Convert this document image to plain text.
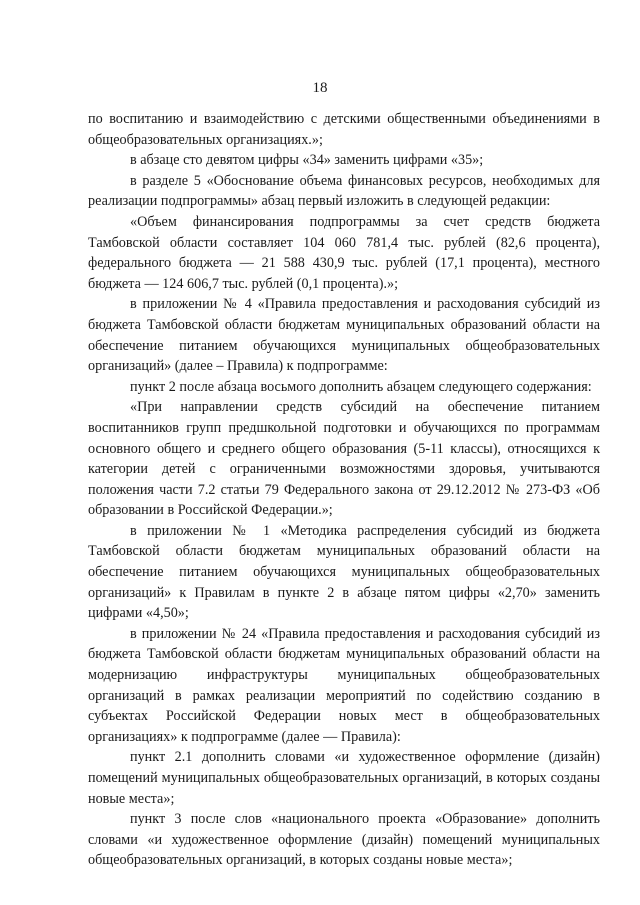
18

по воспитанию и взаимодействию с детскими общественными объединениями в общеобразовательных организациях.»;

в абзаце сто девятом цифры «34» заменить цифрами «35»;

в разделе 5 «Обоснование объема финансовых ресурсов, необходимых для реализации подпрограммы» абзац первый изложить в следующей редакции:

«Объем финансирования подпрограммы за счет средств бюджета Тамбовской области составляет 104 060 781,4 тыс. рублей (82,6 процента), федерального бюджета — 21 588 430,9 тыс. рублей (17,1 процента), местного бюджета — 124 606,7 тыс. рублей (0,1 процента).»;

в приложении № 4 «Правила предоставления и расходования субсидий из бюджета Тамбовской области бюджетам муниципальных образований области на обеспечение питанием обучающихся муниципальных общеобразовательных организаций» (далее – Правила) к подпрограмме:

пункт 2 после абзаца восьмого дополнить абзацем следующего содержания:

«При направлении средств субсидий на обеспечение питанием воспитанников групп предшкольной подготовки и обучающихся по программам основного общего и среднего общего образования (5-11 классы), относящихся к категории детей с ограниченными возможностями здоровья, учитываются положения части 7.2 статьи 79 Федерального закона от 29.12.2012 № 273-ФЗ «Об образовании в Российской Федерации.»;

в приложении № 1 «Методика распределения субсидий из бюджета Тамбовской области бюджетам муниципальных образований области на обеспечение питанием обучающихся муниципальных общеобразовательных организаций» к Правилам в пункте 2 в абзаце пятом цифры «2,70» заменить цифрами «4,50»;

в приложении № 24 «Правила предоставления и расходования субсидий из бюджета Тамбовской области бюджетам муниципальных образований области на модернизацию инфраструктуры муниципальных общеобразовательных организаций в рамках реализации мероприятий по содействию созданию в субъектах Российской Федерации новых мест в общеобразовательных организациях» к подпрограмме (далее — Правила):

пункт 2.1 дополнить словами «и художественное оформление (дизайн) помещений муниципальных общеобразовательных организаций, в которых созданы новые места»;

пункт 3 после слов «национального проекта «Образование» дополнить словами «и художественное оформление (дизайн) помещений муниципальных общеобразовательных организаций, в которых созданы новые места»;
